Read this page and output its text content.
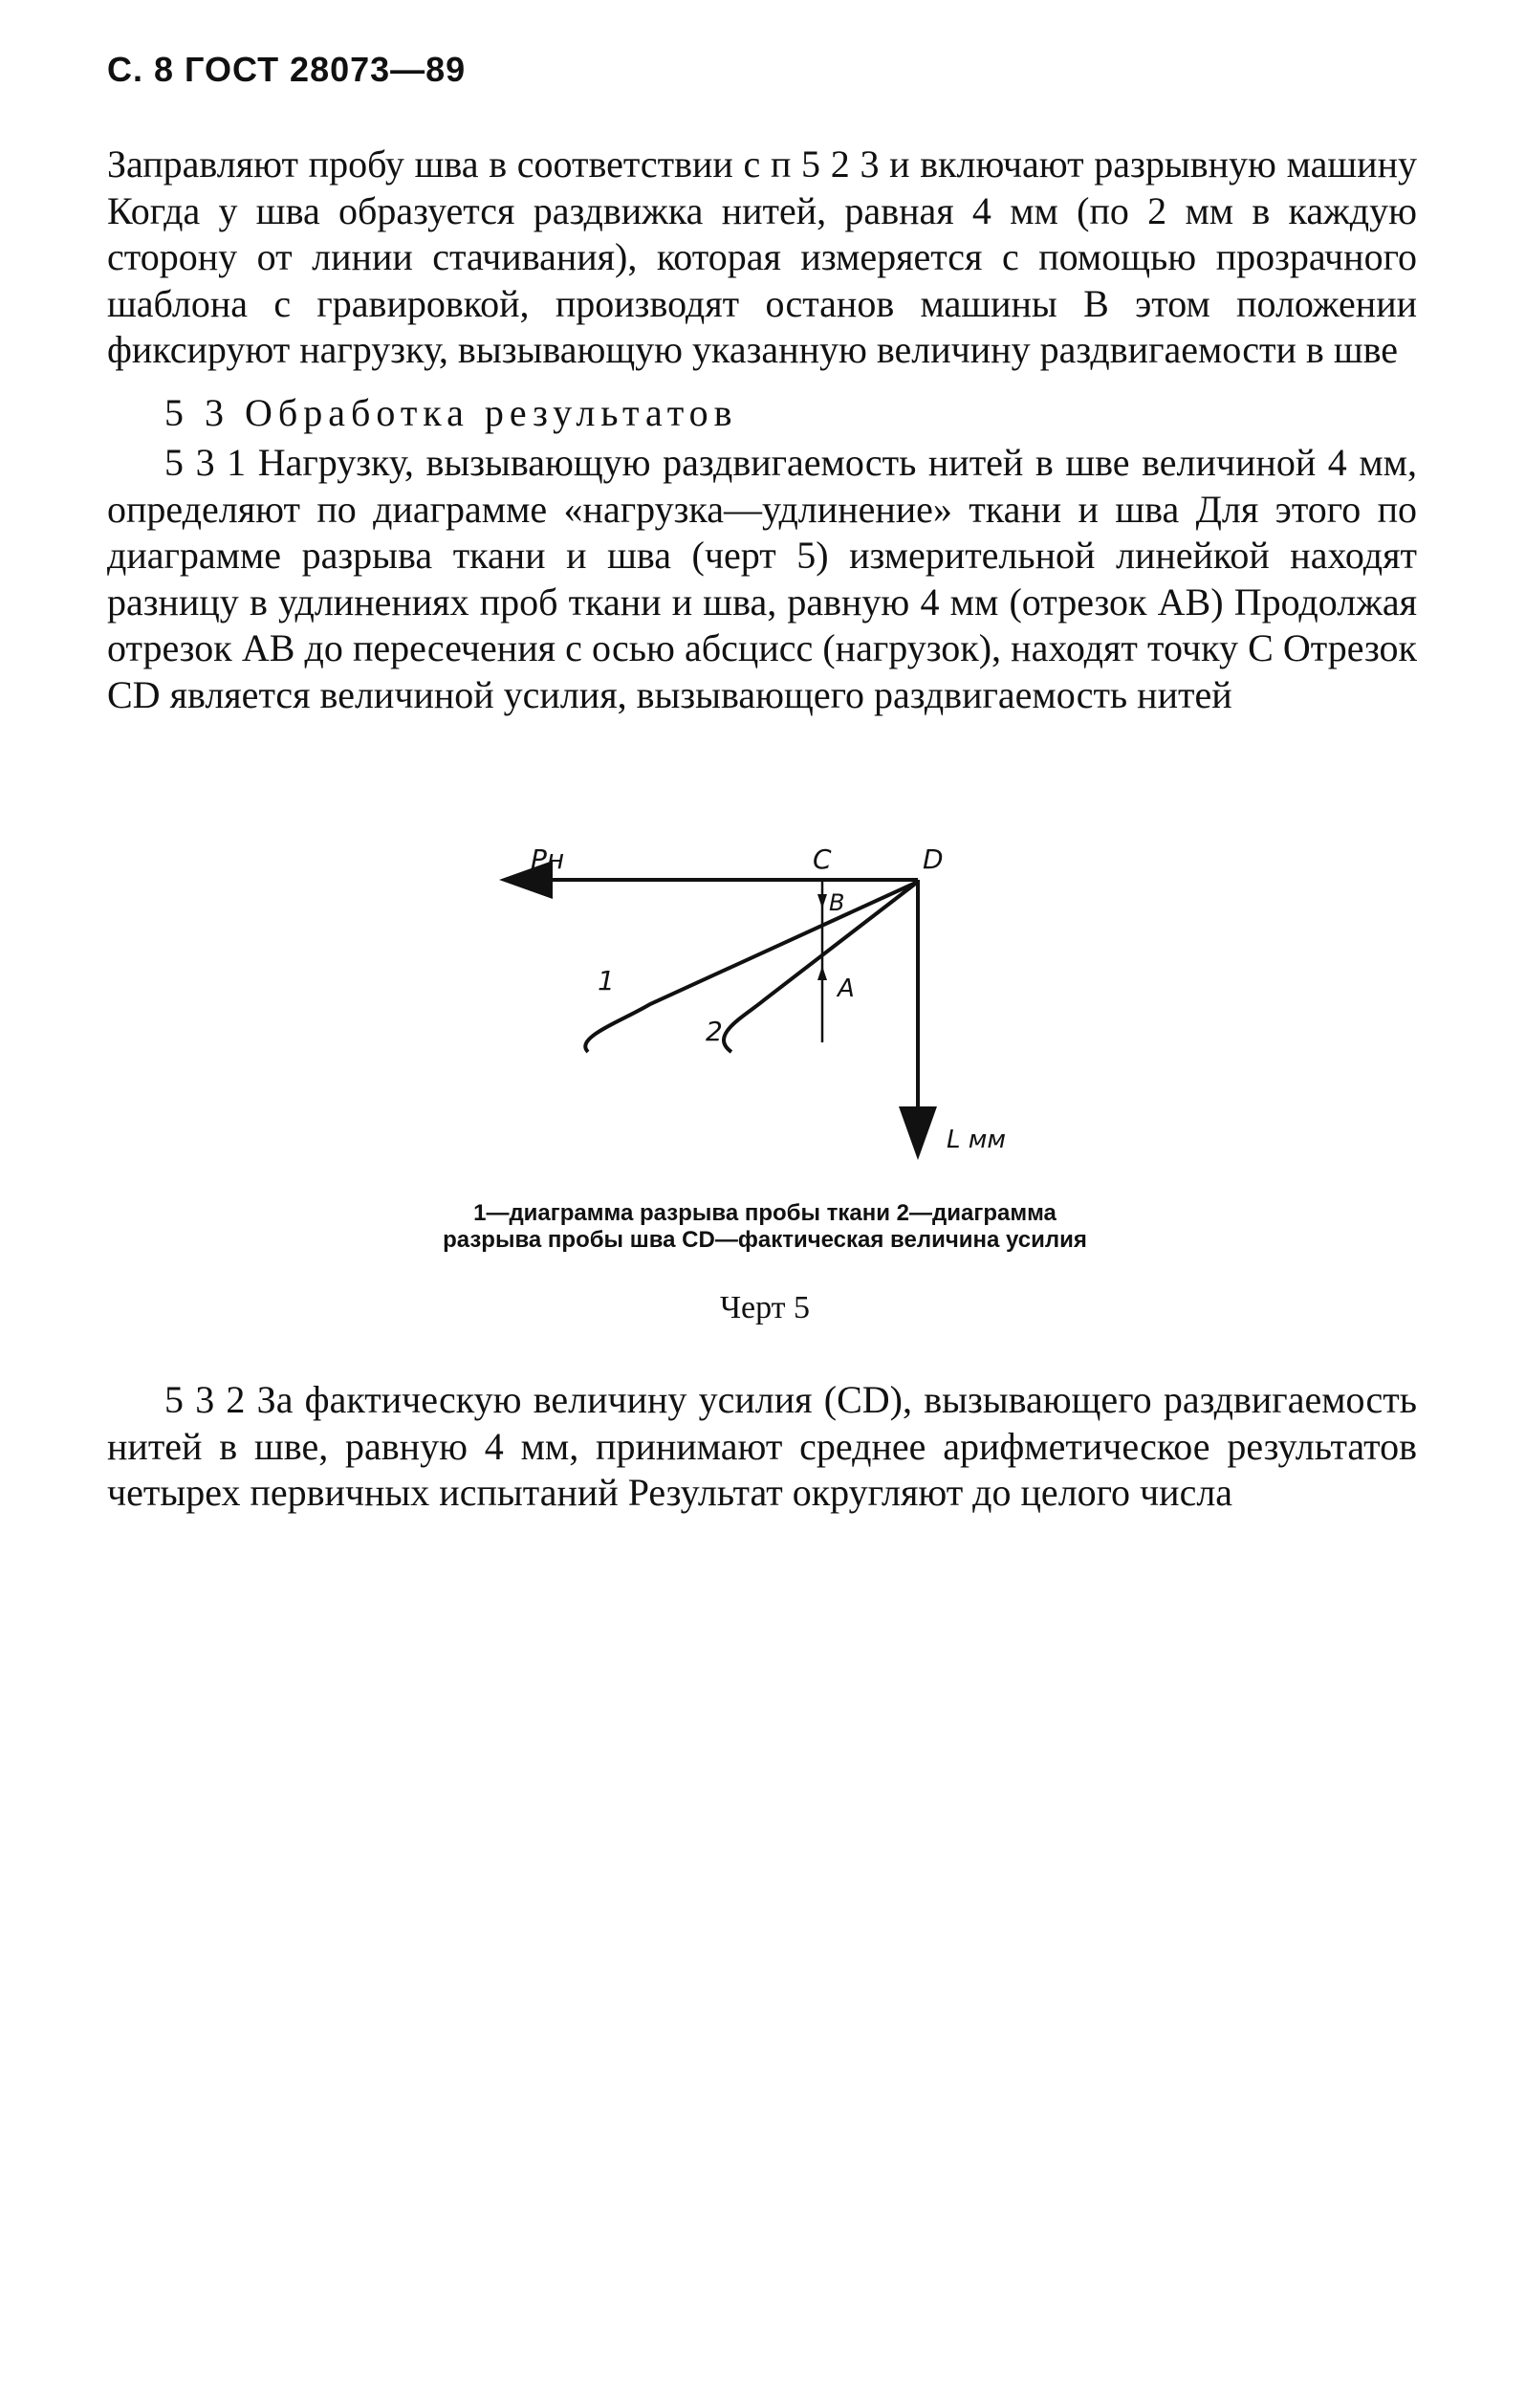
С. 8 ГОСТ 28073—89

Заправляют пробу шва в соответствии с п 5 2 3 и включают разрывную машину Когда у шва образуется раздвижка нитей, равная 4 мм (по 2 мм в каждую сторону от линии стачивания), которая измеряется с помощью прозрачного шаблона с гравировкой, производят останов машины В этом положении фиксируют нагрузку, вызывающую указанную величину раздвигаемости в шве

5 3 Обработка результатов

5 3 1 Нагрузку, вызывающую раздвигаемость нитей в шве величиной 4 мм, определяют по диаграмме «нагрузка—удлинение» ткани и шва Для этого по диаграмме разрыва ткани и шва (черт 5) измерительной линейкой находят разницу в удлинениях проб ткани и шва, равную 4 мм (отрезок AB) Продолжая отрезок AB до пересечения с осью абсцисс (нагрузок), находят точку C Отрезок CD является величиной усилия, вызывающего раздвигаемость нитей

Pн	C	D
B
A
1
2
L мм

1—диаграмма разрыва пробы ткани 2—диаграмма разрыва пробы шва CD—фактическая величина усилия

Черт 5

5 3 2 За фактическую величину усилия (CD), вызывающего раздвигаемость нитей в шве, равную 4 мм, принимают среднее арифметическое результатов четырех первичных испытаний Результат округляют до целого числа
